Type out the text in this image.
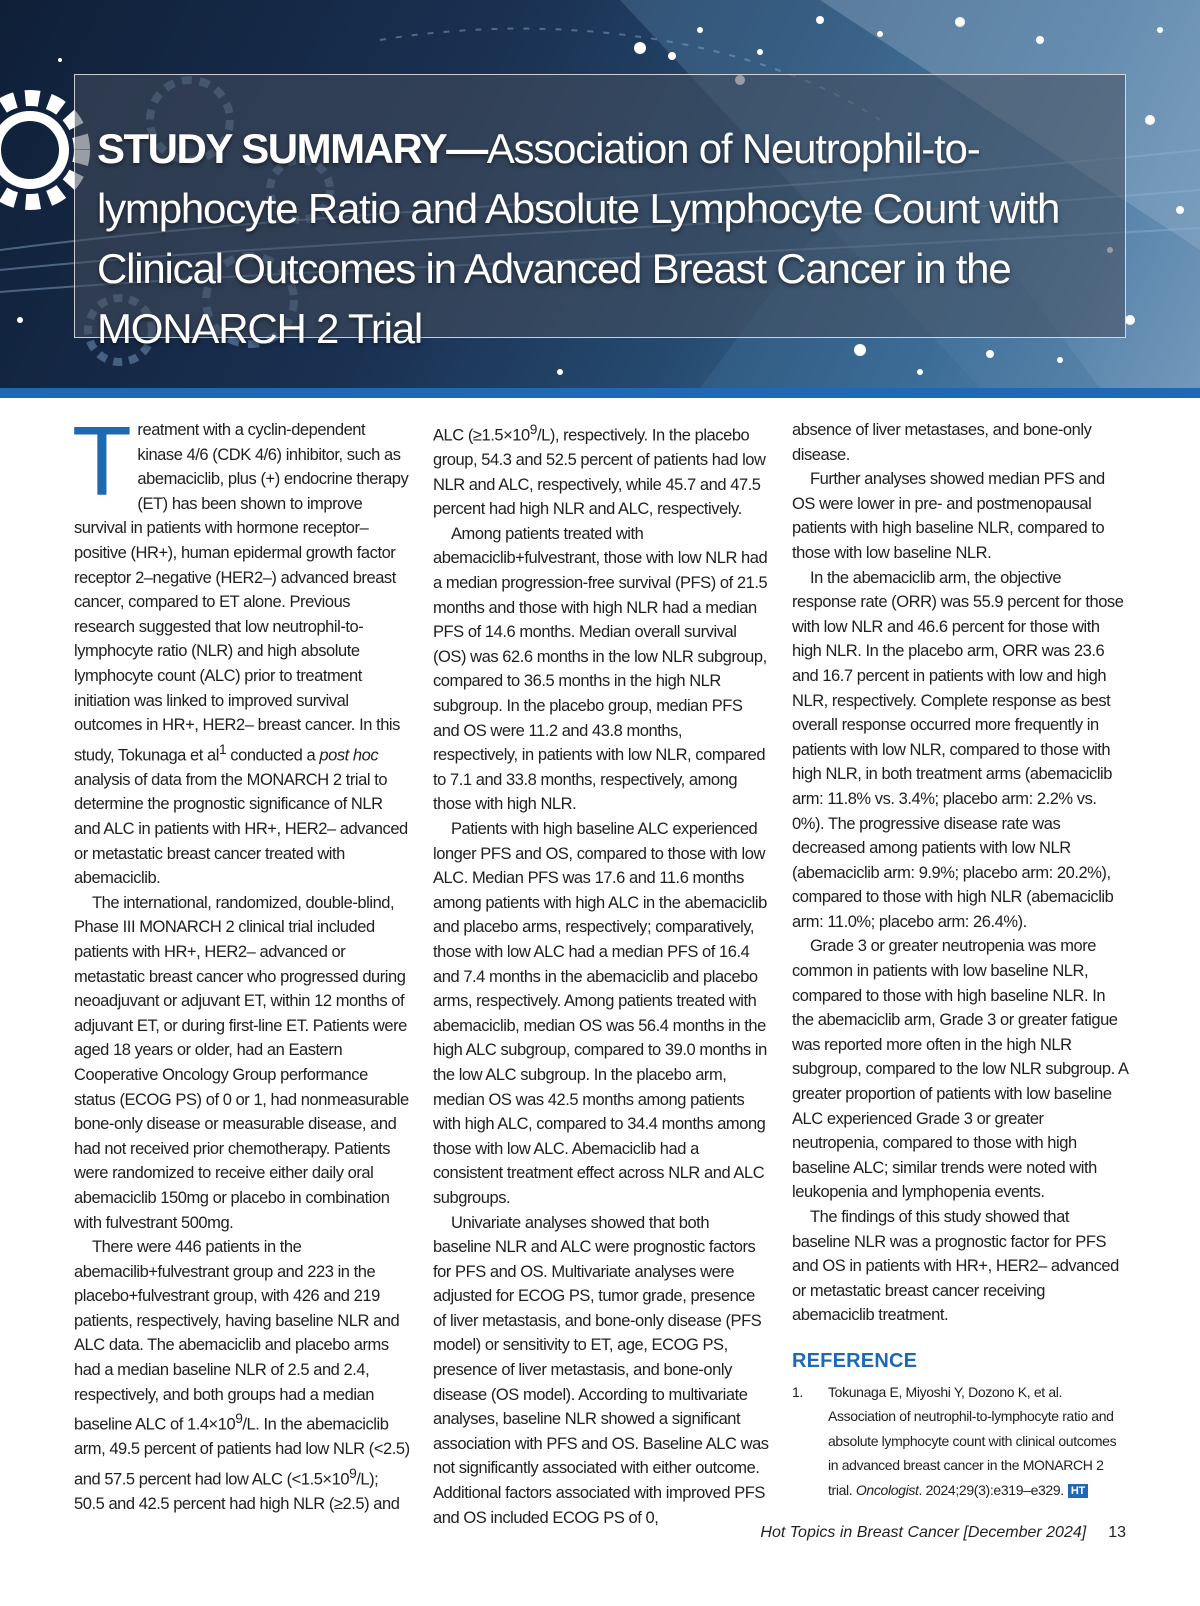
STUDY SUMMARY—Association of Neutrophil-to-lymphocyte Ratio and Absolute Lymphocyte Count with Clinical Outcomes in Advanced Breast Cancer in the MONARCH 2 Trial

Treatment with a cyclin-dependent kinase 4/6 (CDK 4/6) inhibitor, such as abemaciclib, plus (+) endocrine therapy (ET) has been shown to improve survival in patients with hormone receptor–positive (HR+), human epidermal growth factor receptor 2–negative (HER2–) advanced breast cancer, compared to ET alone. Previous research suggested that low neutrophil-to-lymphocyte ratio (NLR) and high absolute lymphocyte count (ALC) prior to treatment initiation was linked to improved survival outcomes in HR+, HER2– breast cancer. In this study, Tokunaga et $al^1$ conducted a post hoc analysis of data from the MONARCH 2 trial to determine the prognostic significance of NLR and ALC in patients with HR+, HER2– advanced or metastatic breast cancer treated with abemaciclib.

The international, randomized, double-blind, Phase III MONARCH 2 clinical trial included patients with HR+, HER2– advanced or metastatic breast cancer who progressed during neoadjuvant or adjuvant ET, within 12 months of adjuvant ET, or during first-line ET. Patients were aged 18 years or older, had an Eastern Cooperative Oncology Group performance status (ECOG PS) of 0 or 1, had nonmeasurable bone-only disease or measurable disease, and had not received prior chemotherapy. Patients were randomized to receive either daily oral abemaciclib 150mg or placebo in combination with fulvestrant 500mg.

There were 446 patients in the abemacilib+fulvestrant group and 223 in the placebo+fulvestrant group, with 426 and 219 patients, respectively, having baseline NLR and ALC data. The abemaciclib and placebo arms had a median baseline NLR of 2.5 and 2.4, respectively, and both groups had a median baseline ALC of $1.4\times 10^9/L$. In the abemaciclib arm, 49.5 percent of patients had low NLR (<2.5) and 57.5 percent had low ALC $(<1.5\times 10^9/L)$; 50.5 and 42.5 percent had high NLR (≥2.5) and

ALC $(\ge 1.5\times 10^9/L)$, respectively. In the placebo group, 54.3 and 52.5 percent of patients had low NLR and ALC, respectively, while 45.7 and 47.5 percent had high NLR and ALC, respectively.

Among patients treated with abemaciclib+fulvestrant, those with low NLR had a median progression-free survival (PFS) of 21.5 months and those with high NLR had a median PFS of 14.6 months. Median overall survival (OS) was 62.6 months in the low NLR subgroup, compared to 36.5 months in the high NLR subgroup. In the placebo group, median PFS and OS were 11.2 and 43.8 months, respectively, in patients with low NLR, compared to 7.1 and 33.8 months, respectively, among those with high NLR.

Patients with high baseline ALC experienced longer PFS and OS, compared to those with low ALC. Median PFS was 17.6 and 11.6 months among patients with high ALC in the abemaciclib and placebo arms, respectively; comparatively, those with low ALC had a median PFS of 16.4 and 7.4 months in the abemaciclib and placebo arms, respectively. Among patients treated with abemaciclib, median OS was 56.4 months in the high ALC subgroup, compared to 39.0 months in the low ALC subgroup. In the placebo arm, median OS was 42.5 months among patients with high ALC, compared to 34.4 months among those with low ALC. Abemaciclib had a consistent treatment effect across NLR and ALC subgroups.

Univariate analyses showed that both baseline NLR and ALC were prognostic factors for PFS and OS. Multivariate analyses were adjusted for ECOG PS, tumor grade, presence of liver metastasis, and bone-only disease (PFS model) or sensitivity to ET, age, ECOG PS, presence of liver metastasis, and bone-only disease (OS model). According to multivariate analyses, baseline NLR showed a significant association with PFS and OS. Baseline ALC was not significantly associated with either outcome. Additional factors associated with improved PFS and OS included ECOG PS of 0,

absence of liver metastases, and bone-only disease.

Further analyses showed median PFS and OS were lower in pre- and postmenopausal patients with high baseline NLR, compared to those with low baseline NLR.

In the abemaciclib arm, the objective response rate (ORR) was 55.9 percent for those with low NLR and 46.6 percent for those with high NLR. In the placebo arm, ORR was 23.6 and 16.7 percent in patients with low and high NLR, respectively. Complete response as best overall response occurred more frequently in patients with low NLR, compared to those with high NLR, in both treatment arms (abemaciclib arm: 11.8% vs. 3.4%; placebo arm: 2.2% vs. 0%). The progressive disease rate was decreased among patients with low NLR (abemaciclib arm: 9.9%; placebo arm: 20.2%), compared to those with high NLR (abemaciclib arm: 11.0%; placebo arm: 26.4%).

Grade 3 or greater neutropenia was more common in patients with low baseline NLR, compared to those with high baseline NLR. In the abemaciclib arm, Grade 3 or greater fatigue was reported more often in the high NLR subgroup, compared to the low NLR subgroup. A greater proportion of patients with low baseline ALC experienced Grade 3 or greater neutropenia, compared to those with high baseline ALC; similar trends were noted with leukopenia and lymphopenia events.

The findings of this study showed that baseline NLR was a prognostic factor for PFS and OS in patients with HR+, HER2– advanced or metastatic breast cancer receiving abemaciclib treatment.

REFERENCE
1. Tokunaga E, Miyoshi Y, Dozono K, et al. Association of neutrophil-to-lymphocyte ratio and absolute lymphocyte count with clinical outcomes in advanced breast cancer in the MONARCH 2 trial. Oncologist. 2024;29(3):e319–e329. HT
Hot Topics in Breast Cancer [December 2024] 13
